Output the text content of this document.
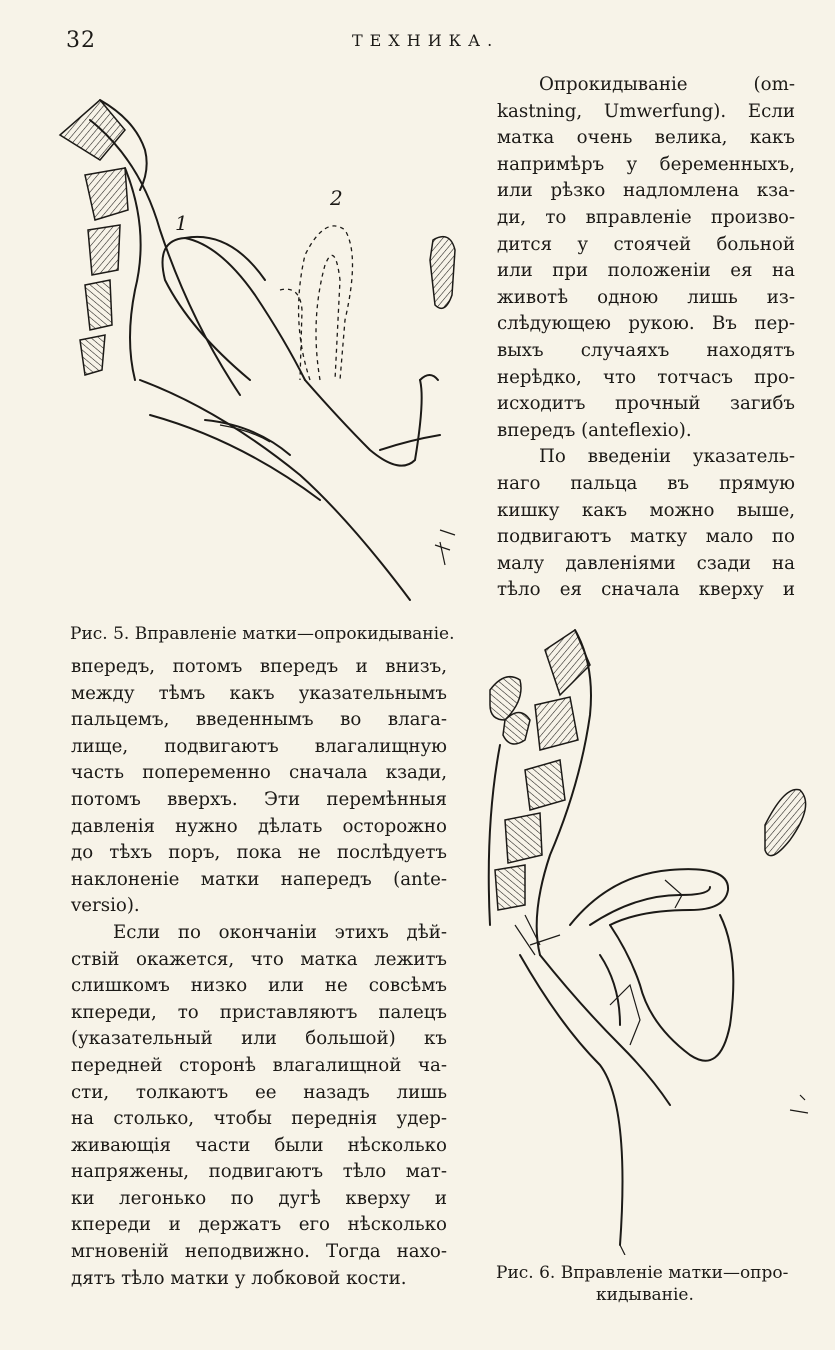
32	ТЕХНИКА.
Опрокидываніе (om-
kastning, Umwerfung). Если
матка очень велика, какъ
напримѣръ у беременныхъ,
или рѣзко надломлена кза-
ди, то вправленіе произво-
дится у стоячей больной
или при положеніи ея на
животѣ одною лишь из-
слѣдующею рукою. Въ пер-
выхъ случаяхъ находятъ
нерѣдко, что тотчасъ про-
исходитъ прочный загибъ
впередъ (anteflexio).
По введеніи указатель-
наго пальца въ прямую
кишку какъ можно выше,
подвигаютъ матку мало по
малу давленіями сзади на
тѣло ея сначала кверху и
1
2
Рис. 5. Вправленіе матки—опрокидываніе.
впередъ, потомъ впередъ и внизъ,
между тѣмъ какъ указательнымъ
пальцемъ, введеннымъ во влага-
лище, подвигаютъ влагалищную
часть попеременно сначала кзади,
потомъ вверхъ. Эти перемѣнныя
давленія нужно дѣлать осторожно
до тѣхъ поръ, пока не послѣдуетъ
наклоненіе матки напередъ (ante-
versio).
Если по окончаніи этихъ дѣй-
ствій окажется, что матка лежитъ
слишкомъ низко или не совсѣмъ
кпереди, то приставляютъ палецъ
(указательный или большой) къ
передней сторонѣ влагалищной ча-
сти, толкаютъ ее назадъ лишь
на столько, чтобы переднія удер-
живающія части были нѣсколько
напряжены, подвигаютъ тѣло мат-
ки легонько по дугѣ кверху и
кпереди и держатъ его нѣсколько
мгновеній неподвижно. Тогда нахо-
дятъ тѣло матки у лобковой кости.	Рис. 6. Вправленіе матки—опро-
кидываніе.
